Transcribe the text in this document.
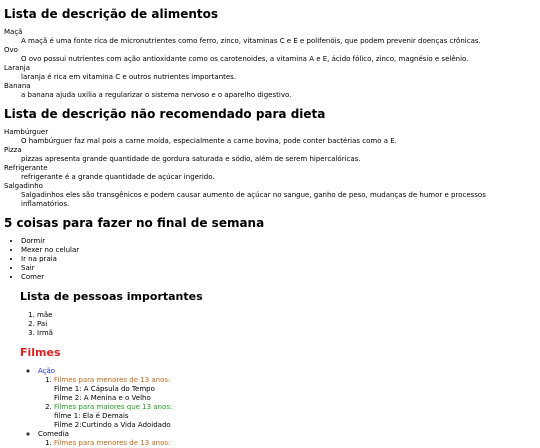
Lista de descrição de alimentos
Maçã
A maçã é uma fonte rica de micronutrientes como ferro, zinco, vitaminas C e E e polifenóis, que podem prevenir doenças crônicas.
Ovo
O ovo possui nutrientes com ação antioxidante como os carotenoides, a vitamina A e E, ácido fólico, zinco, magnésio e selênio.
Laranja
laranja é rica em vitamina C e outros nutrientes importantes.
Banana
a banana ajuda uxilia a regularizar o sistema nervoso e o aparelho digestivo.
Lista de descrição não recomendado para dieta
Hambúrguer
O hambúrguer faz mal pois a carne moída, especialmente a carne bovina, pode conter bactérias como a E.
Pizza
pizzas apresenta grande quantidade de gordura saturada e sódio, além de serem hipercalóricas.
Refrigerante
refrigerante é a grande quantidade de açúcar ingerido.
Salgadinho
Salgadinhos eles são transgênicos e podem causar aumento de açúcar no sangue, ganho de peso, mudanças de humor e processos inflamatórios.
5 coisas para fazer no final de semana
• Dormir
• Mexer no celular
• Ir na praia
• Sair
• Comer
Lista de pessoas importantes
1. mãe
2. Pai
3. Irmã
Filmes
◦ Ação
1. Filmes para menores de 13 anos:
Filme 1: A Cápsula do Tempo
Filme 2: A Menina e o Velho
2. Filmes para maiores que 13 anos:
filme 1: Ela é Demais
Filme 2:Curtindo a Vida Adoidado
◦ Comedia
1. Filmes para menores de 13 anos:
